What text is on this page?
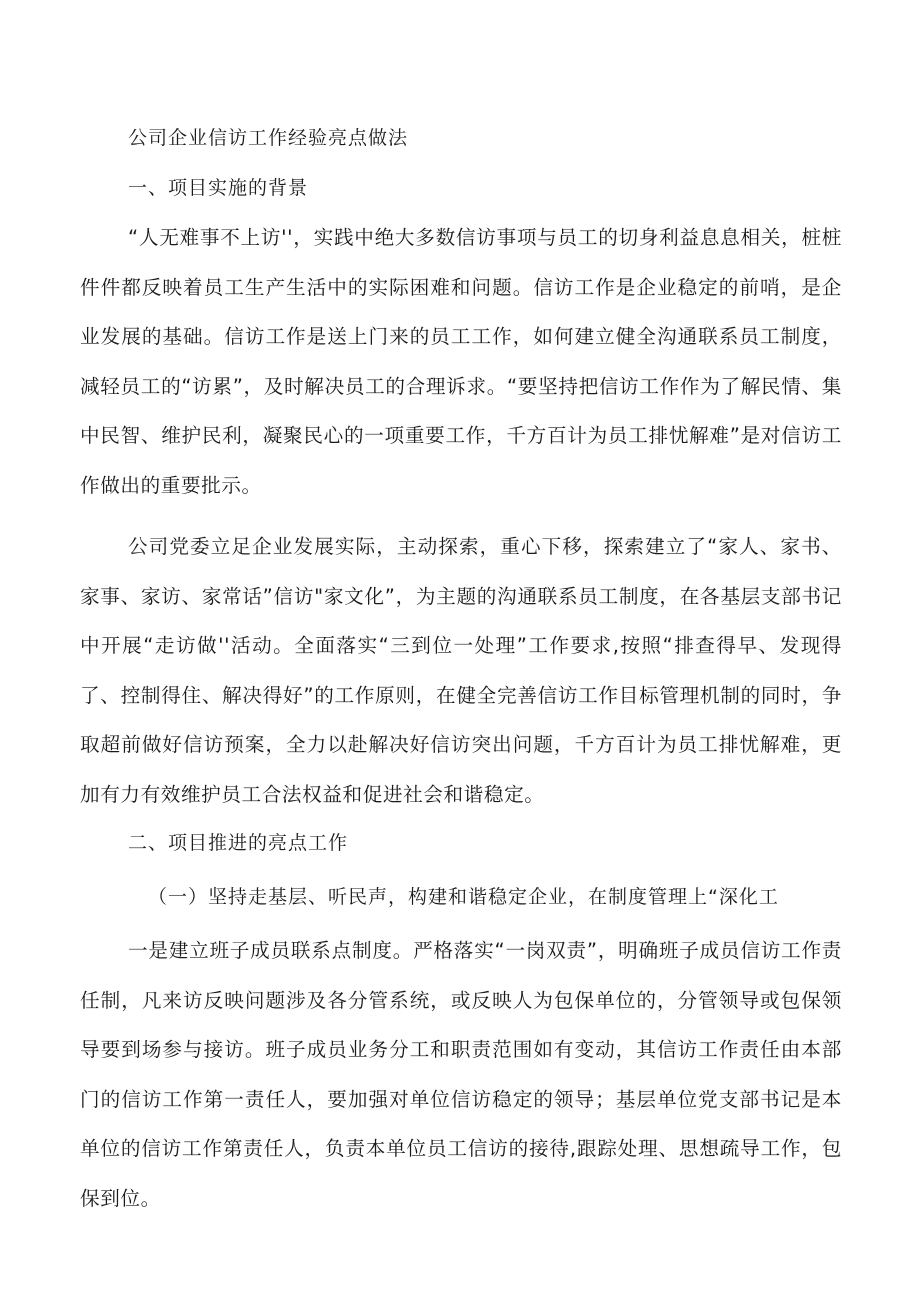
公司企业信访工作经验亮点做法
一、项目实施的背景

“人无难事不上访''，实践中绝大多数信访事项与员工的切身利益息息相关，桩桩件件都反映着员工生产生活中的实际困难和问题。信访工作是企业稳定的前哨，是企业发展的基础。信访工作是送上门来的员工工作，如何建立健全沟通联系员工制度，减轻员工的“访累”，及时解决员工的合理诉求。“要坚持把信访工作作为了解民情、集中民智、维护民利，凝聚民心的一项重要工作，千方百计为员工排忧解难”是对信访工作做出的重要批示。

公司党委立足企业发展实际，主动探索，重心下移，探索建立了“家人、家书、家事、家访、家常话”信访"家文化”，为主题的沟通联系员工制度，在各基层支部书记中开展“走访做''活动。全面落实“三到位一处理”工作要求,按照“排查得早、发现得了、控制得住、解决得好”的工作原则，在健全完善信访工作目标管理机制的同时，争取超前做好信访预案，全力以赴解决好信访突出问题，千方百计为员工排忧解难，更加有力有效维护员工合法权益和促进社会和谐稳定。

二、项目推进的亮点工作
（一）坚持走基层、听民声，构建和谐稳定企业，在制度管理上“深化工

一是建立班子成员联系点制度。严格落实“一岗双责”，明确班子成员信访工作责任制，凡来访反映问题涉及各分管系统，或反映人为包保单位的，分管领导或包保领导要到场参与接访。班子成员业务分工和职责范围如有变动，其信访工作责任由本部门的信访工作第一责任人，要加强对单位信访稳定的领导；基层单位党支部书记是本单位的信访工作第责任人，负责本单位员工信访的接待,跟踪处理、思想疏导工作，包保到位。
